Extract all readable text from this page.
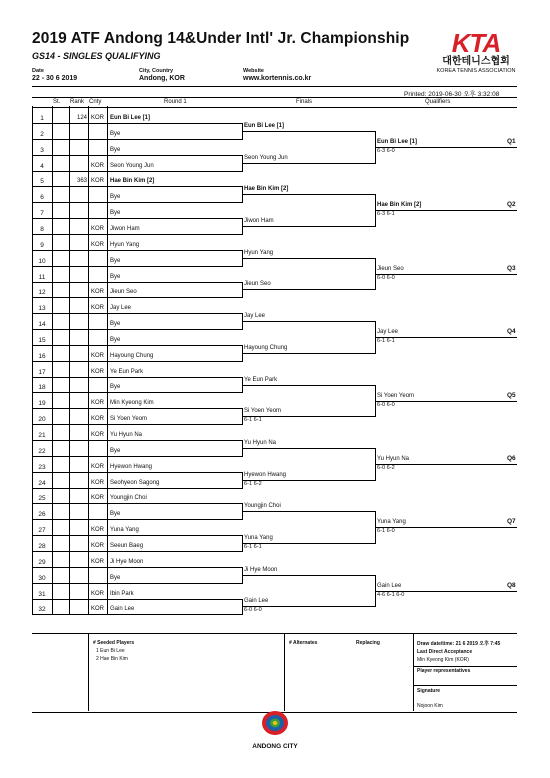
2019 ATF Andong 14&Under Intl' Jr. Championship
GS14 - SINGLES QUALIFYING
Date
22 - 30 6 2019
City, Country
Andong, KOR
Website
www.kortennis.co.kr
KTA
대한테니스협회
KOREA TENNIS ASSOCIATION
Printed: 2019-06-30 오후 3:32:08
St. Rank Cnty	Round 1	Finals	Qualifiers
1	124 KOR Eun Bi Lee [1]
2	Bye
3	Bye
4	KOR Seon Young Jun
5	363 KOR Hae Bin Kim [2]
6	Bye
7	Bye
8	KOR Jiwon Ham
9	KOR Hyun Yang
10	Bye
11	Bye
12	KOR Jieun Seo
13	KOR Jay Lee
14	Bye
15	Bye
16	KOR Hayoung Chung
17	KOR Ye Eun Park
18	Bye
19	KOR Min Kyeong Kim
20	KOR Si Yoen Yeom
21	KOR Yu Hyun Na
22	Bye
23	KOR Hyewon Hwang
24	KOR Seohyeon Sagong
25	KOR Youngjin Choi
26	Bye
27	KOR Yuna Yang
28	KOR Seeun Baeg
29	KOR Ji Hye Moon
30	Bye
31	KOR Ibin Park
32	KOR Gain Lee
Eun Bi Lee [1]
Seon Young Jun
Hae Bin Kim [2]
Jiwon Ham
Hyun Yang
Jieun Seo
Jay Lee
Hayoung Chung
Ye Eun Park
Si Yoen Yeom
6-1 6-1
Yu Hyun Na
Hyewon Hwang
6-1 6-2
Youngjin Choi
Yuna Yang
6-1 6-1
Ji Hye Moon
Gain Lee
6-0 6-0
Eun Bi Lee [1]
6-3 6-0
Q1
Hae Bin Kim [2]
6-3 6-1
Q2
Jieun Seo
6-0 6-0
Q3
Jay Lee
6-1 6-1
Q4
Si Yoen Yeom
6-0 6-0
Q5
Yu Hyun Na
6-0 6-2
Q6
Yuna Yang
6-1 6-0
Q7
Gain Lee
4-6 6-1 6-0
Q8
# Seeded Players
1 Eun Bi Lee
2 Hae Bin Kim
# Alternates	Replacing	Draw date/time: 21 6 2019 오후 7:45
Last Direct Acceptance
Min Kyeong Kim (KOR)
Player representatives
Signature
Nojoon Kim
ANDONG CITY
